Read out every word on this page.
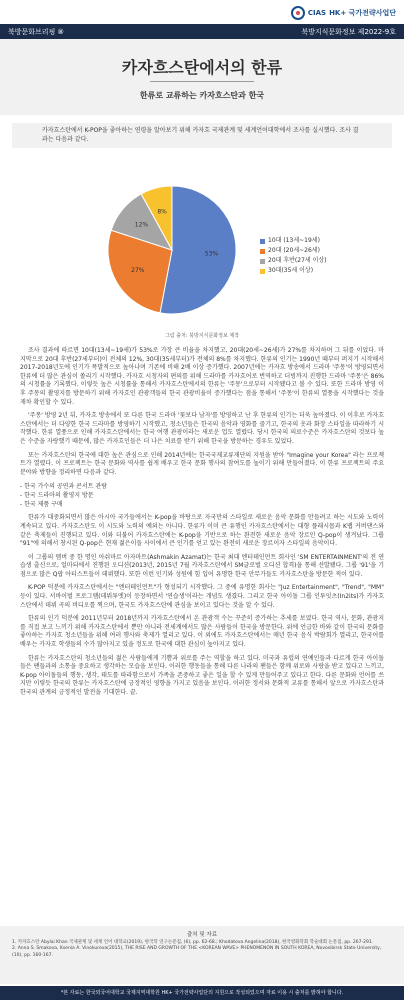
CIAS HK+ 국가전략사업단
북방문화브리핑 ⑧	북방지식문화정보 제2022-9호
카자흐스탄에서의 한류
한류로 교류하는 카자흐스탄과 한국
카자흐스탄에서 K-POP을 좋아하는 연령을 알아보기 위해 카자흐 국제관계 및 세계언어대학에서 조사를 실시했다. 조사 결과는 다음과 같다.
53%
27%
12%
8%
10대 (13세~19세)
20대 (20세~26세)
20대 후반(27세 이상)
30대(35세 이상)
그림 출처: 북방지식문화정보 제작

조사 결과에 따르면 10대(13세~19세)가 53%로 가장 큰 비율을 차지했고, 20대(20세~26세)가 27%를 차지하며 그 뒤를 이었다. 마지막으로 20대 후반(27세부터)이 전체의 12%, 30대(35세부터)가 전체의 8%를 차지했다. 한류의 인기는 1990년 때부터 퍼지기 시작해서 2017-2018년도에 인기가 폭발적으로 높아나며 기존에 비해 2배 이상 증가했다. 2007년에는 카자흐 방송에서 드라마 '주몽'이 방영되면서 한류에 더 많은 관심이 쏠리기 시작했다. 카자흐 시청자의 편의를 위해 드라마를 카자흐어로 번역하고 더빙까지 진행한 드라마 '주몽'은 86%의 시청률을 기록했다. 이렇듯 높은 시청률을 통해서 카자흐스탄에서의 한류는 '주몽'으로부터 시작됐다고 볼 수 있다. 또한 드라마 방영 이후 주몽의 촬영지를 방문하기 위해 카자흐인 관광객들의 한국 관광비율이 증가했다는 점을 통해서 '주몽'이 한류의 열풍을 시작했다는 것을 재차 확인할 수 있다.

'주몽' 방영 2년 뒤, 카자흐 방송에서 또 다른 한국 드라마 '꽃보다 남자'를 방영하고 난 후 한류의 인기는 더욱 높아졌다. 이 이후로 카자흐스탄에서는 더 다양한 한국 드라마를 방영하기 시작했고, 청소년들은 한국의 음악과 영화를 즐기고, 한국의 옷과 화장 스타일을 따라하기 시작했다. 한류 열풍으로 인해 카자흐스탄에서는 한국 여행 관광이라는 새로운 업도 열렸다. 당시 한국의 의료수준은 카자흐스탄의 것보다 높은 수준을 자랑했기 때문에, 많은 카자흐인들은 더 나은 치료를 받기 위해 한국을 방문하는 경우도 있었다.

또는 카자흐스탄의 한국에 대한 높은 관심으로 인해 2014년에는 한국국제교류재단의 지원을 받아 "Imagine your Korea" 라는 프로젝트가 열렸다. 이 프로젝트는 한국 문화와 역사를 쉽게 배우고 한국 문화 행사의 참여도를 높이기 위해 만들어졌다. 이 한류 프로젝트의 주요 분야와 방향을 정리하면 다음과 같다.

- 한국 가수의 공연과 콘서트 관람
- 한국 드라마의 촬영지 방문
- 한국 제품 구매

한류가 대중화되면서 많은 아시아 국가들에서는 K-pop을 바탕으로 자국만의 스타일로 새로운 음악 문화를 만들려고 하는 시도와 노력이 계속되고 있다. 카자흐스탄도 이 시도와 노력의 예외는 아니다. 한류가 이미 큰 유행인 카자흐스탄에서는 대형 플래시몹과 K랩 커버댄스와 같은 축제들이 진행되고 있다. 이와 더불어 카자흐스탄에는 K-pop을 기반으로 하는 완전한 새로운 음악 장르인 Q-pop이 생겨났다. 그룹 "91"에 의해서 창시된 Q-pop은 현재 젊은이들 사이에서 큰 인기를 얻고 있는 완전히 새로운 장르이자 스타일의 음악이다.

이 그룹의 멤버 중 한 명인 아쉬마르 아자마트(Ashmakin Azamat)는 한국 최대 엔터테인먼트 회사인 'SM ENTERTAINMENT'의 전 연습생 출신으로, 얼마되에서 진행된 오디션(2013년, 2015년 7월 카자흐스탄에서 SM글로벌 오디션 합격)을 통해 선발됐다. 그룹 '91'을 기점으로 많은 Q팝 아티스트들이 데뷔했다. 또한 이런 인기와 성원에 힘 입어 유명한 한국 안무가들도 카자흐스탄을 방문한 적이 있다.

K-POP 덕분에 카자흐스탄에서는 "엔터테인먼트"가 형성되기 시작했다. 그 중에 유명한 회사는 "Juz Entertainment", "Trend", "MM" 등이 있다. 서바이벌 프로그램(데뷔투엣)이 등장하면서 '연습생'이라는 개념도 생겼다. 그리고 한국 아이돌 그룹 인투잇츠(In2its)가 카자흐스탄에서 데뷔 곡의 비디오를 찍으며, 한국도 카자흐스탄에 관심을 보이고 있다는 것을 알 수 있다.

한류의 인기 덕분에 2011년부터 2018년까지 카자흐스탄에서 온 관광객 수는 꾸준히 증가하는 추세를 보였다. 한국 역사, 문화, 관광지를 직접 보고 느끼기 위해 카자흐스탄에서 뿐만 아니라 전세계에서도 많은 사람들이 한국을 방문한다. 위에 언급한 바와 같이 한국의 문화를 좋아하는 카자흐 청소년들을 위해 여러 행사와 축제가 열리고 있다. 이 외에도 카자흐스탄에서는 매년 한국 음식 박람회가 열리고, 한국어를 배우는 카자흐 학생들의 수가 많아지고 있을 정도로 한국에 대한 관심이 높아지고 있다.

한류는 카자흐스탄의 청소년들의 젊은 사람들에게 기쁨과 위로를 주는 역할을 하고 있다. 미국과 유럽의 연예인들과 다르게 한국 아이돌들은 팬들과의 소통을 중요하고 생각하는 모습을 보인다. 이러한 행동들을 통해 다른 나라의 팬들은 함께 위로와 사랑을 받고 있다고 느끼고, K-pop 아이돌들의 행동, 생각, 태도를 따라함으로서 가족을 존중하고 좋은 일을 할 수 있게 만들어주고 있다고 한다. 다른 문화와 언어를 쓰지만 이렇듯 한국의 한류는 카자흐스탄에 긍정적인 영향을 가지고 있음을 보인다. 이러한 정서와 문화적 교류를 통해서 앞으로 카자흐스탄과 한국의 관계의 긍정적인 발전을 기대한다. 끝.

출처 및 자료
1. 카자흐스탄 Abylai Khan 국제관계 및 세계 언어 대학교(2019), 한국학 연구논문집, (6), pp. 62-68.; Khodatova Angelina(2018), 한국영화학회 학술대회 논문집, pp. 267-291.
2. Anna S. Smakova, Ksenia A. Vinokurova(2015), THE RISE AND GROWTH OF THE <KOREAN WAVE> PHENOMENON IN SOUTH KOREA, Novosibirsk State University, (10), pp. 160-167.
*본 자료는 한국외국어대학교 국제지역대학원 HK+ 국가전략사업단의 지원으로 작성되었으며 자료 이용 시 출처를 밝혀야 합니다.
